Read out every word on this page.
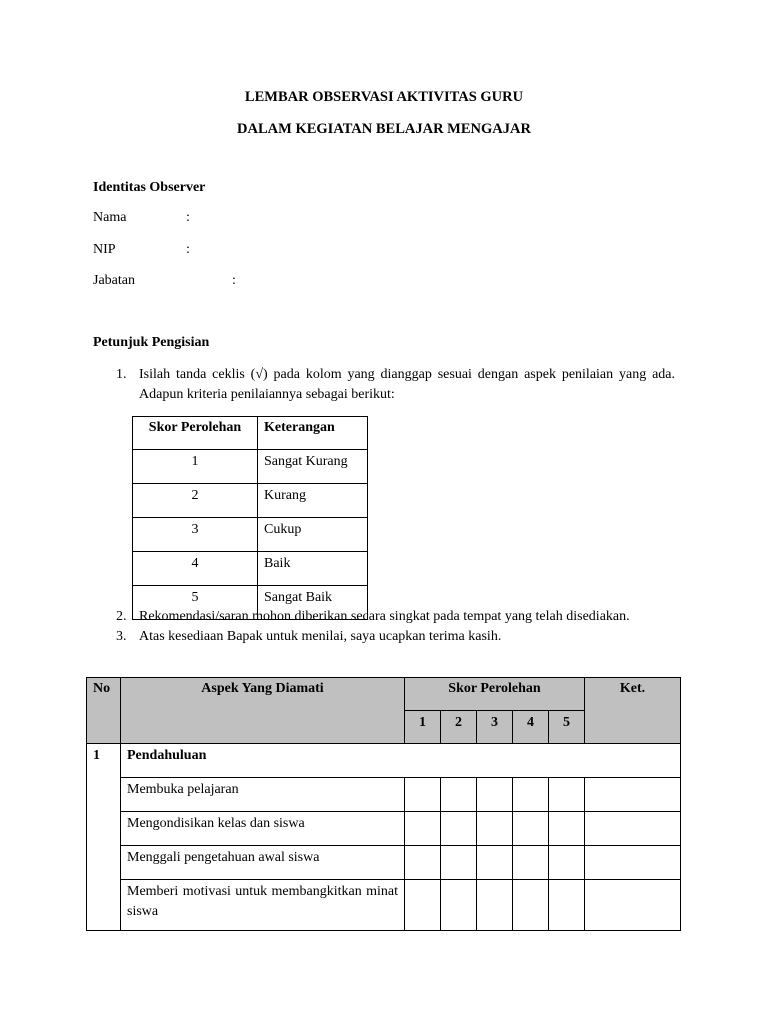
LEMBAR OBSERVASI AKTIVITAS GURU
DALAM KEGIATAN BELAJAR MENGAJAR
Identitas Observer
Nama	:
NIP	:
Jabatan	:
Petunjuk Pengisian
1. Isilah tanda ceklis (√) pada kolom yang dianggap sesuai dengan aspek penilaian yang ada. Adapun kriteria penilaiannya sebagai berikut:
Skor Perolehan	Keterangan
1	Sangat Kurang
2	Kurang
3	Cukup
4	Baik
5	Sangat Baik
2. Rekomendasi/saran mohon diberikan secara singkat pada tempat yang telah disediakan.
3. Atas kesediaan Bapak untuk menilai, saya ucapkan terima kasih.
No	Aspek Yang Diamati	Skor Perolehan					Ket.
		1	2	3	4	5	
1	Pendahuluan						
	Membuka pelajaran						
	Mengondisikan kelas dan siswa						
	Menggali pengetahuan awal siswa						
	Memberi motivasi untuk membangkitkan minat siswa						
